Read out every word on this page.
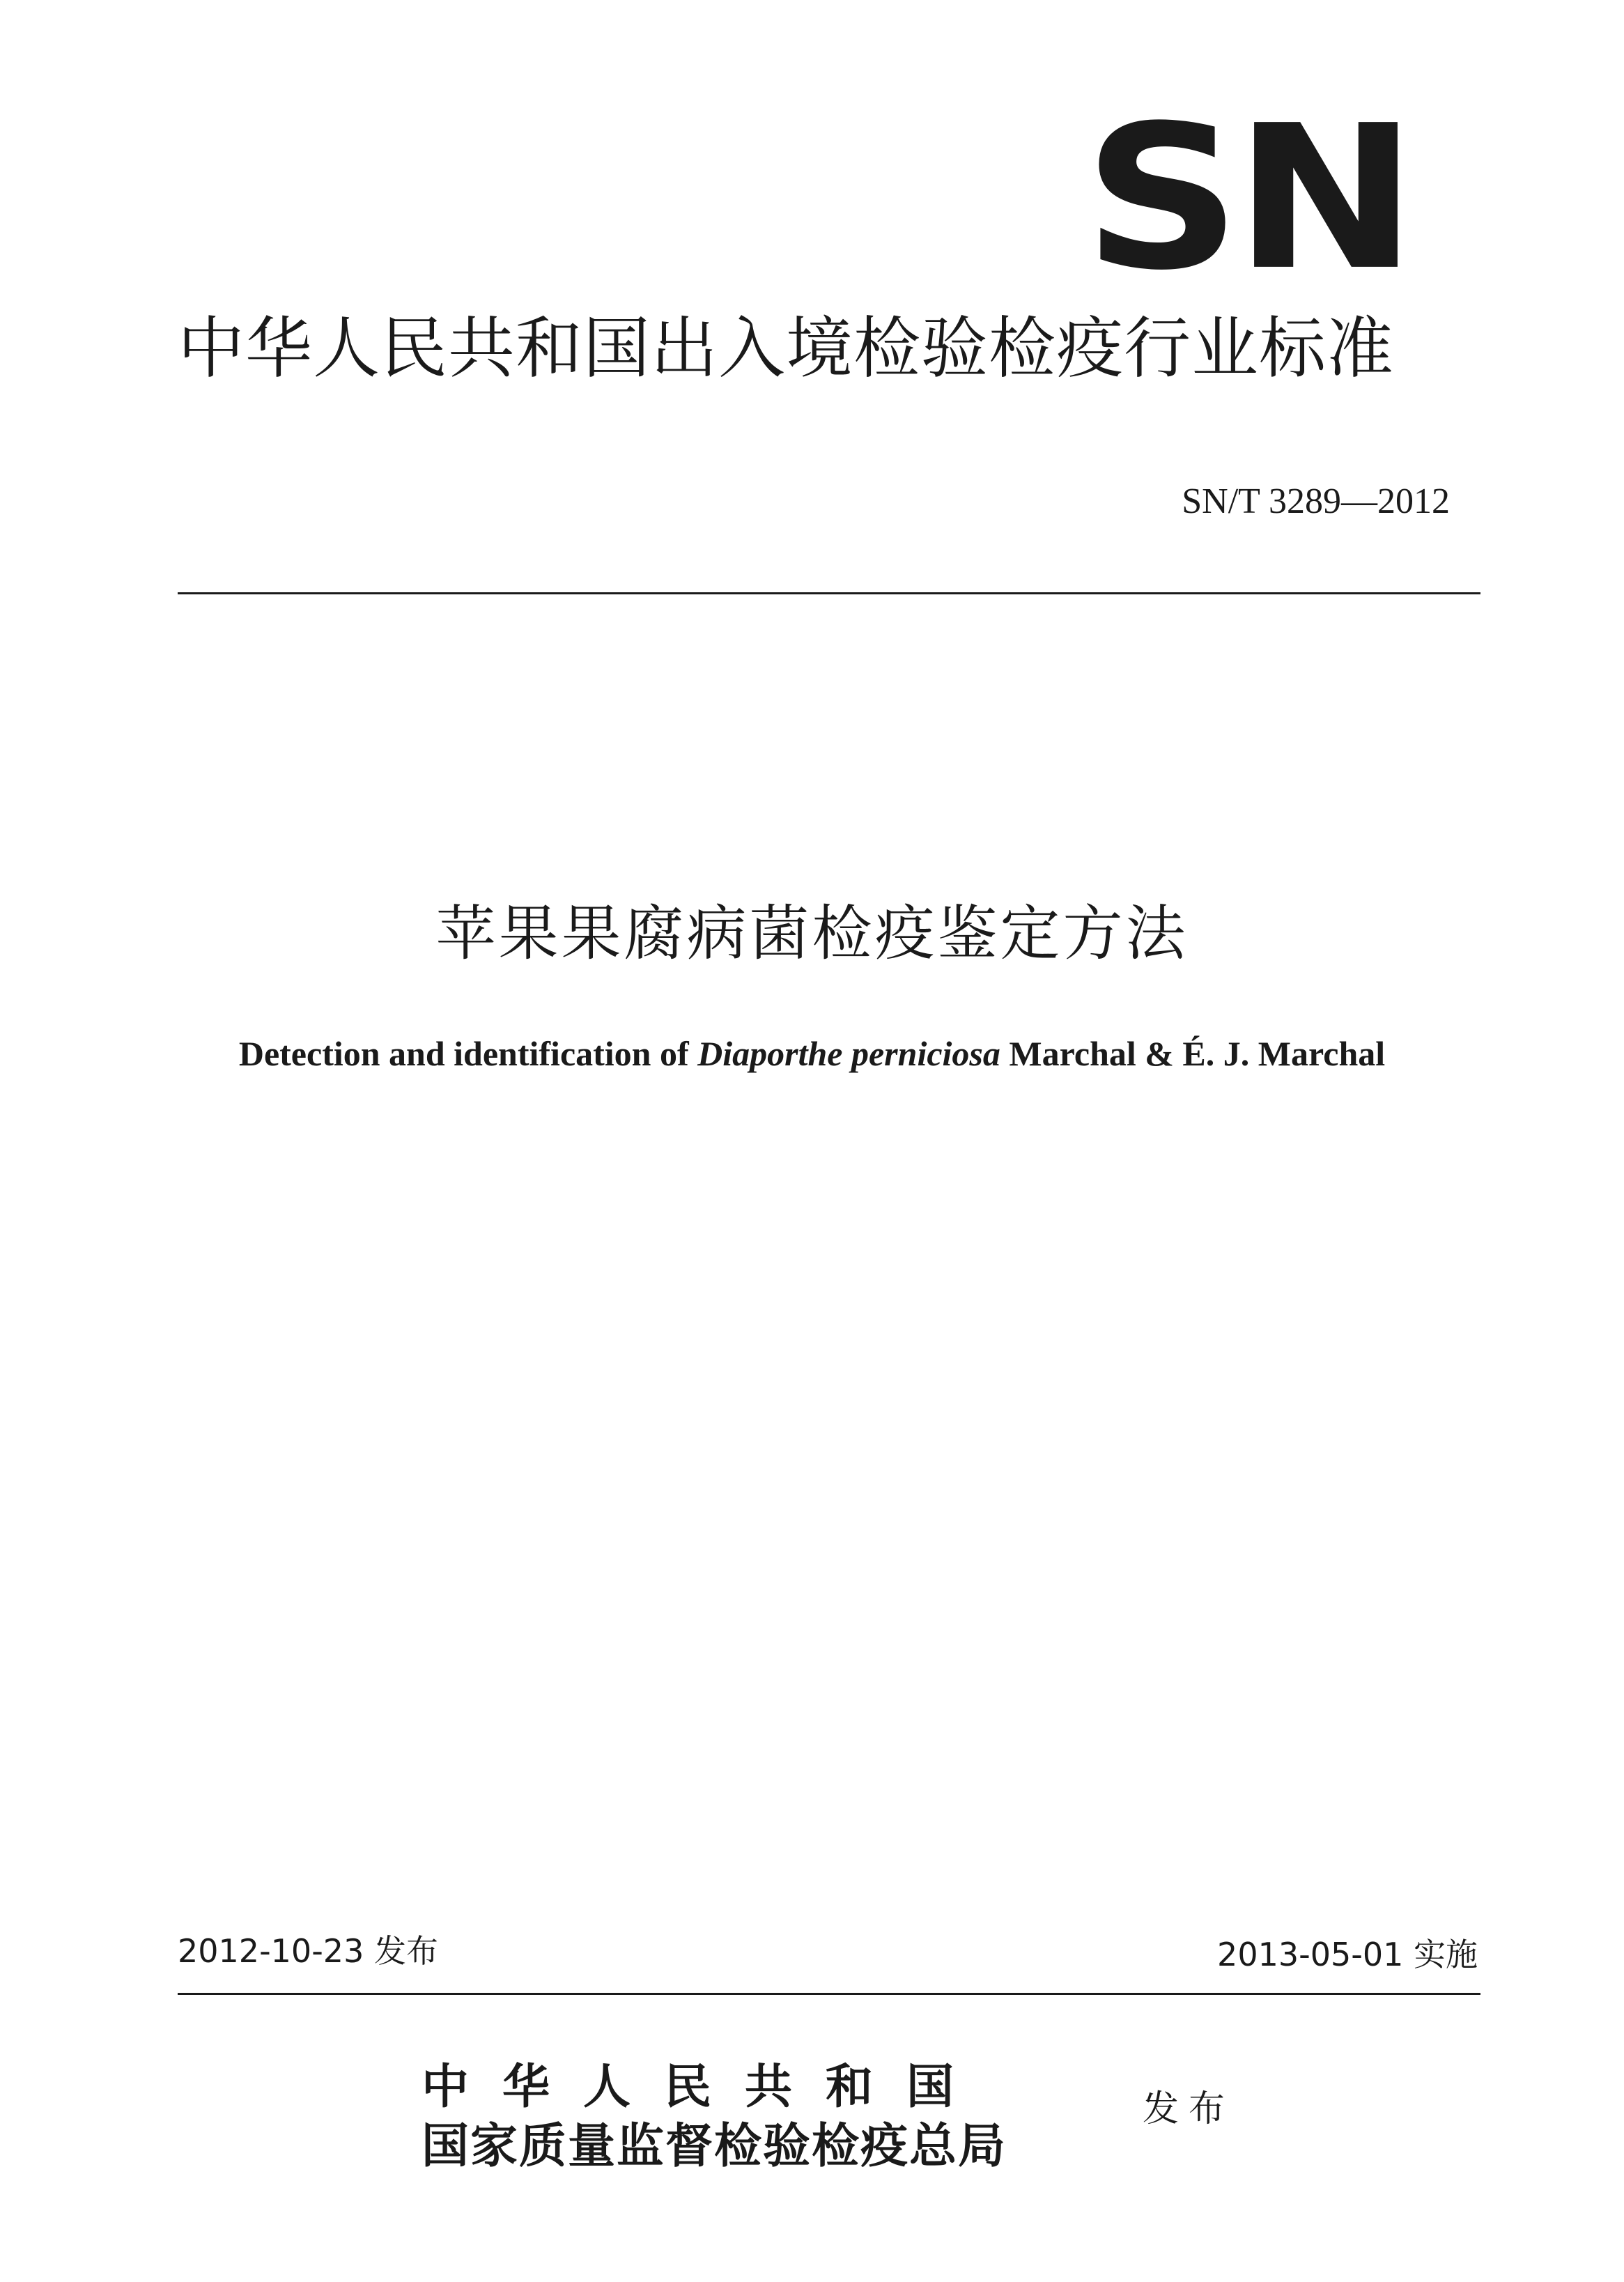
SN
中华人民共和国出入境检验检疫行业标准
SN/T 3289—2012
苹果果腐病菌检疫鉴定方法
Detection and identification of Diaporthe perniciosa Marchal & É. J. Marchal
2012-10-23 发布	2013-05-01 实施
中华人民共和国
国家质量监督检验检疫总局
发布
